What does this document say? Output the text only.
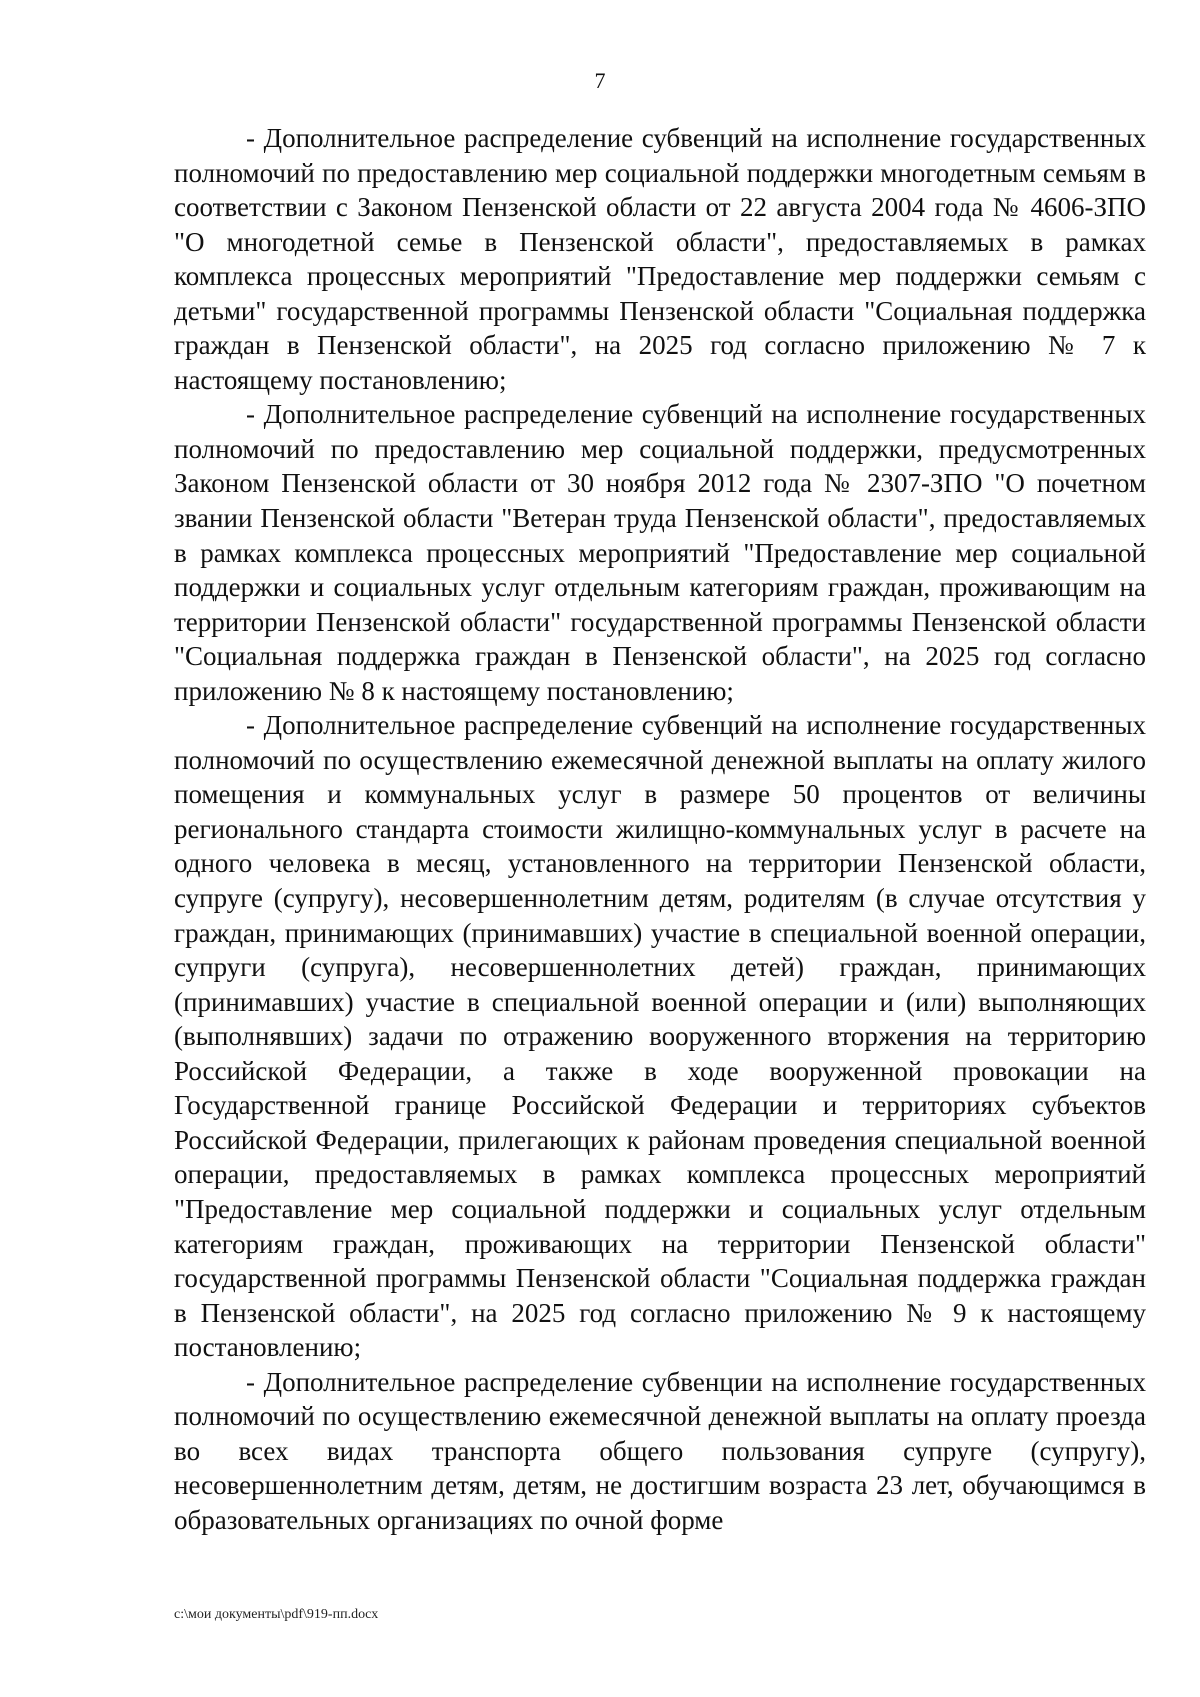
7

- Дополнительное распределение субвенций на исполнение государственных полномочий по предоставлению мер социальной поддержки многодетным семьям в соответствии с Законом Пензенской области от 22 августа 2004 года № 4606-ЗПО "О многодетной семье в Пензенской области", предоставляемых в рамках комплекса процессных мероприятий "Предоставление мер поддержки семьям с детьми" государственной программы Пензенской области "Социальная поддержка граждан в Пензенской области", на 2025 год согласно приложению № 7 к настоящему постановлению;

- Дополнительное распределение субвенций на исполнение государственных полномочий по предоставлению мер социальной поддержки, предусмотренных Законом Пензенской области от 30 ноября 2012 года № 2307-ЗПО "О почетном звании Пензенской области "Ветеран труда Пензенской области", предоставляемых в рамках комплекса процессных мероприятий "Предоставление мер социальной поддержки и социальных услуг отдельным категориям граждан, проживающим на территории Пензенской области" государственной программы Пензенской области "Социальная поддержка граждан в Пензенской области", на 2025 год согласно приложению № 8 к настоящему постановлению;

- Дополнительное распределение субвенций на исполнение государственных полномочий по осуществлению ежемесячной денежной выплаты на оплату жилого помещения и коммунальных услуг в размере 50 процентов от величины регионального стандарта стоимости жилищно-коммунальных услуг в расчете на одного человека в месяц, установленного на территории Пензенской области, супруге (супругу), несовершеннолетним детям, родителям (в случае отсутствия у граждан, принимающих (принимавших) участие в специальной военной операции, супруги (супруга), несовершеннолетних детей) граждан, принимающих (принимавших) участие в специальной военной операции и (или) выполняющих (выполнявших) задачи по отражению вооруженного вторжения на территорию Российской Федерации, а также в ходе вооруженной провокации на Государственной границе Российской Федерации и территориях субъектов Российской Федерации, прилегающих к районам проведения специальной военной операции, предоставляемых в рамках комплекса процессных мероприятий "Предоставление мер социальной поддержки и социальных услуг отдельным категориям граждан, проживающих на территории Пензенской области" государственной программы Пензенской области "Социальная поддержка граждан в Пензенской области", на 2025 год согласно приложению № 9 к настоящему постановлению;

- Дополнительное распределение субвенции на исполнение государственных полномочий по осуществлению ежемесячной денежной выплаты на оплату проезда во всех видах транспорта общего пользования супруге (супругу), несовершеннолетним детям, детям, не достигшим возраста 23 лет, обучающимся в образовательных организациях по очной форме

c:\мои документы\pdf\919-пп.docx
